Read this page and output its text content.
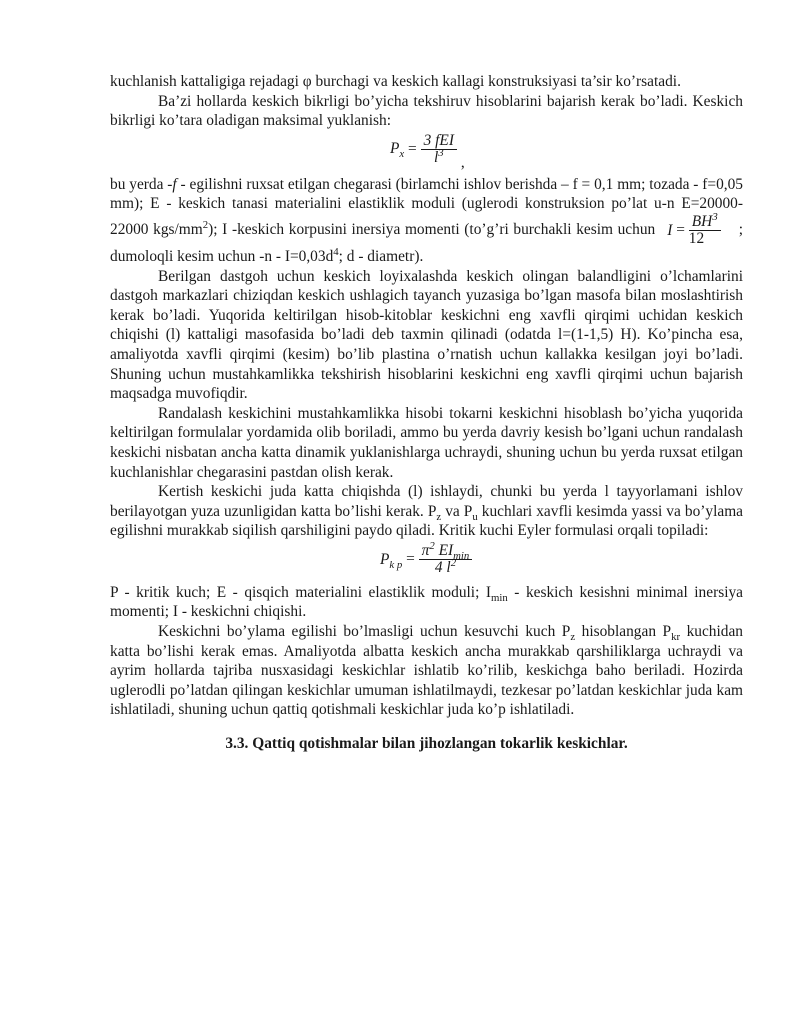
kuchlanish kattaligiga rejadagi φ burchagi va keskich kallagi konstruksiyasi ta’sir ko’rsatadi.

Ba’zi hollarda keskich bikrligi bo’yicha tekshiruv hisoblarini bajarish kerak bo’ladi. Keskich bikrligi ko’tara oladigan maksimal yuklanish:

$P_x = \frac{\text{3 fEI}}{l^3}$ ,

bu yerda -f - egilishni ruxsat etilgan chegarasi (birlamchi ishlov berishda – f = 0,1 mm; tozada - f=0,05 mm); E - keskich tanasi materialini elastiklik moduli (uglerodi konstruksion po’lat u-n E=20000-22000 kgs/$mm^2$); I -keskich korpusini inersiya momenti (to’g’ri burchakli kesim uchun $I = \frac{BH^3}{12}$ ; dumoloqli kesim uchun $-n - I=0,03d^4$; d - diametr).

Berilgan dastgoh uchun keskich loyixalashda keskich olingan balandligini o’lchamlarini dastgoh markazlari chiziqdan keskich ushlagich tayanch yuzasiga bo’lgan masofa bilan moslashtirish kerak bo’ladi. Yuqorida keltirilgan hisob-kitoblar keskichni eng xavfli qirqimi uchidan keskich chiqishi (l) kattaligi masofasida bo’ladi deb taxmin qilinadi (odatda l=(1-1,5) H). Ko’pincha esa, amaliyotda xavfli qirqimi (kesim) bo’lib plastina o’rnatish uchun kallakka kesilgan joyi bo’ladi. Shuning uchun mustahkamlikka tekshirish hisoblarini keskichni eng xavfli qirqimi uchun bajarish maqsadga muvofiqdir.

Randalash keskichini mustahkamlikka hisobi tokarni keskichni hisoblash bo’yicha yuqorida keltirilgan formulalar yordamida olib boriladi, ammo bu yerda davriy kesish bo’lgani uchun randalash keskichi nisbatan ancha katta dinamik yuklanishlarga uchraydi, shuning uchun bu yerda ruxsat etilgan kuchlanishlar chegarasini pastdan olish kerak.

Kertish keskichi juda katta chiqishda (l) ishlaydi, chunki bu yerda l tayyorlamani ishlov berilayotgan yuza uzunligidan katta bo’lishi kerak. $P_z$ va $P_u$ kuchlari xavfli kesimda yassi va bo’ylama egilishni murakkab siqilish qarshiligini paydo qiladi. Kritik kuchi Eyler formulasi orqali topiladi:

$P_{k p} = \frac{\pi^2 EI_{min}}{4 l^2}$

P - kritik kuch; E - qisqich materialini elastiklik moduli; $I_{min}$ - keskich kesishni minimal inersiya momenti; I - keskichni chiqishi.

Keskichni bo’ylama egilishi bo’lmasligi uchun kesuvchi kuch $P_z$ hisoblangan $P_{kr}$ kuchidan katta bo’lishi kerak emas. Amaliyotda albatta keskich ancha murakkab qarshiliklarga uchraydi va ayrim hollarda tajriba nusxasidagi keskichlar ishlatib ko’rilib, keskichga baho beriladi. Hozirda uglerodli po’latdan qilingan keskichlar umuman ishlatilmaydi, tezkesar po’latdan keskichlar juda kam ishlatiladi, shuning uchun qattiq qotishmali keskichlar juda ko’p ishlatiladi.

3.3. Qattiq qotishmalar bilan jihozlangan tokarlik keskichlar.
